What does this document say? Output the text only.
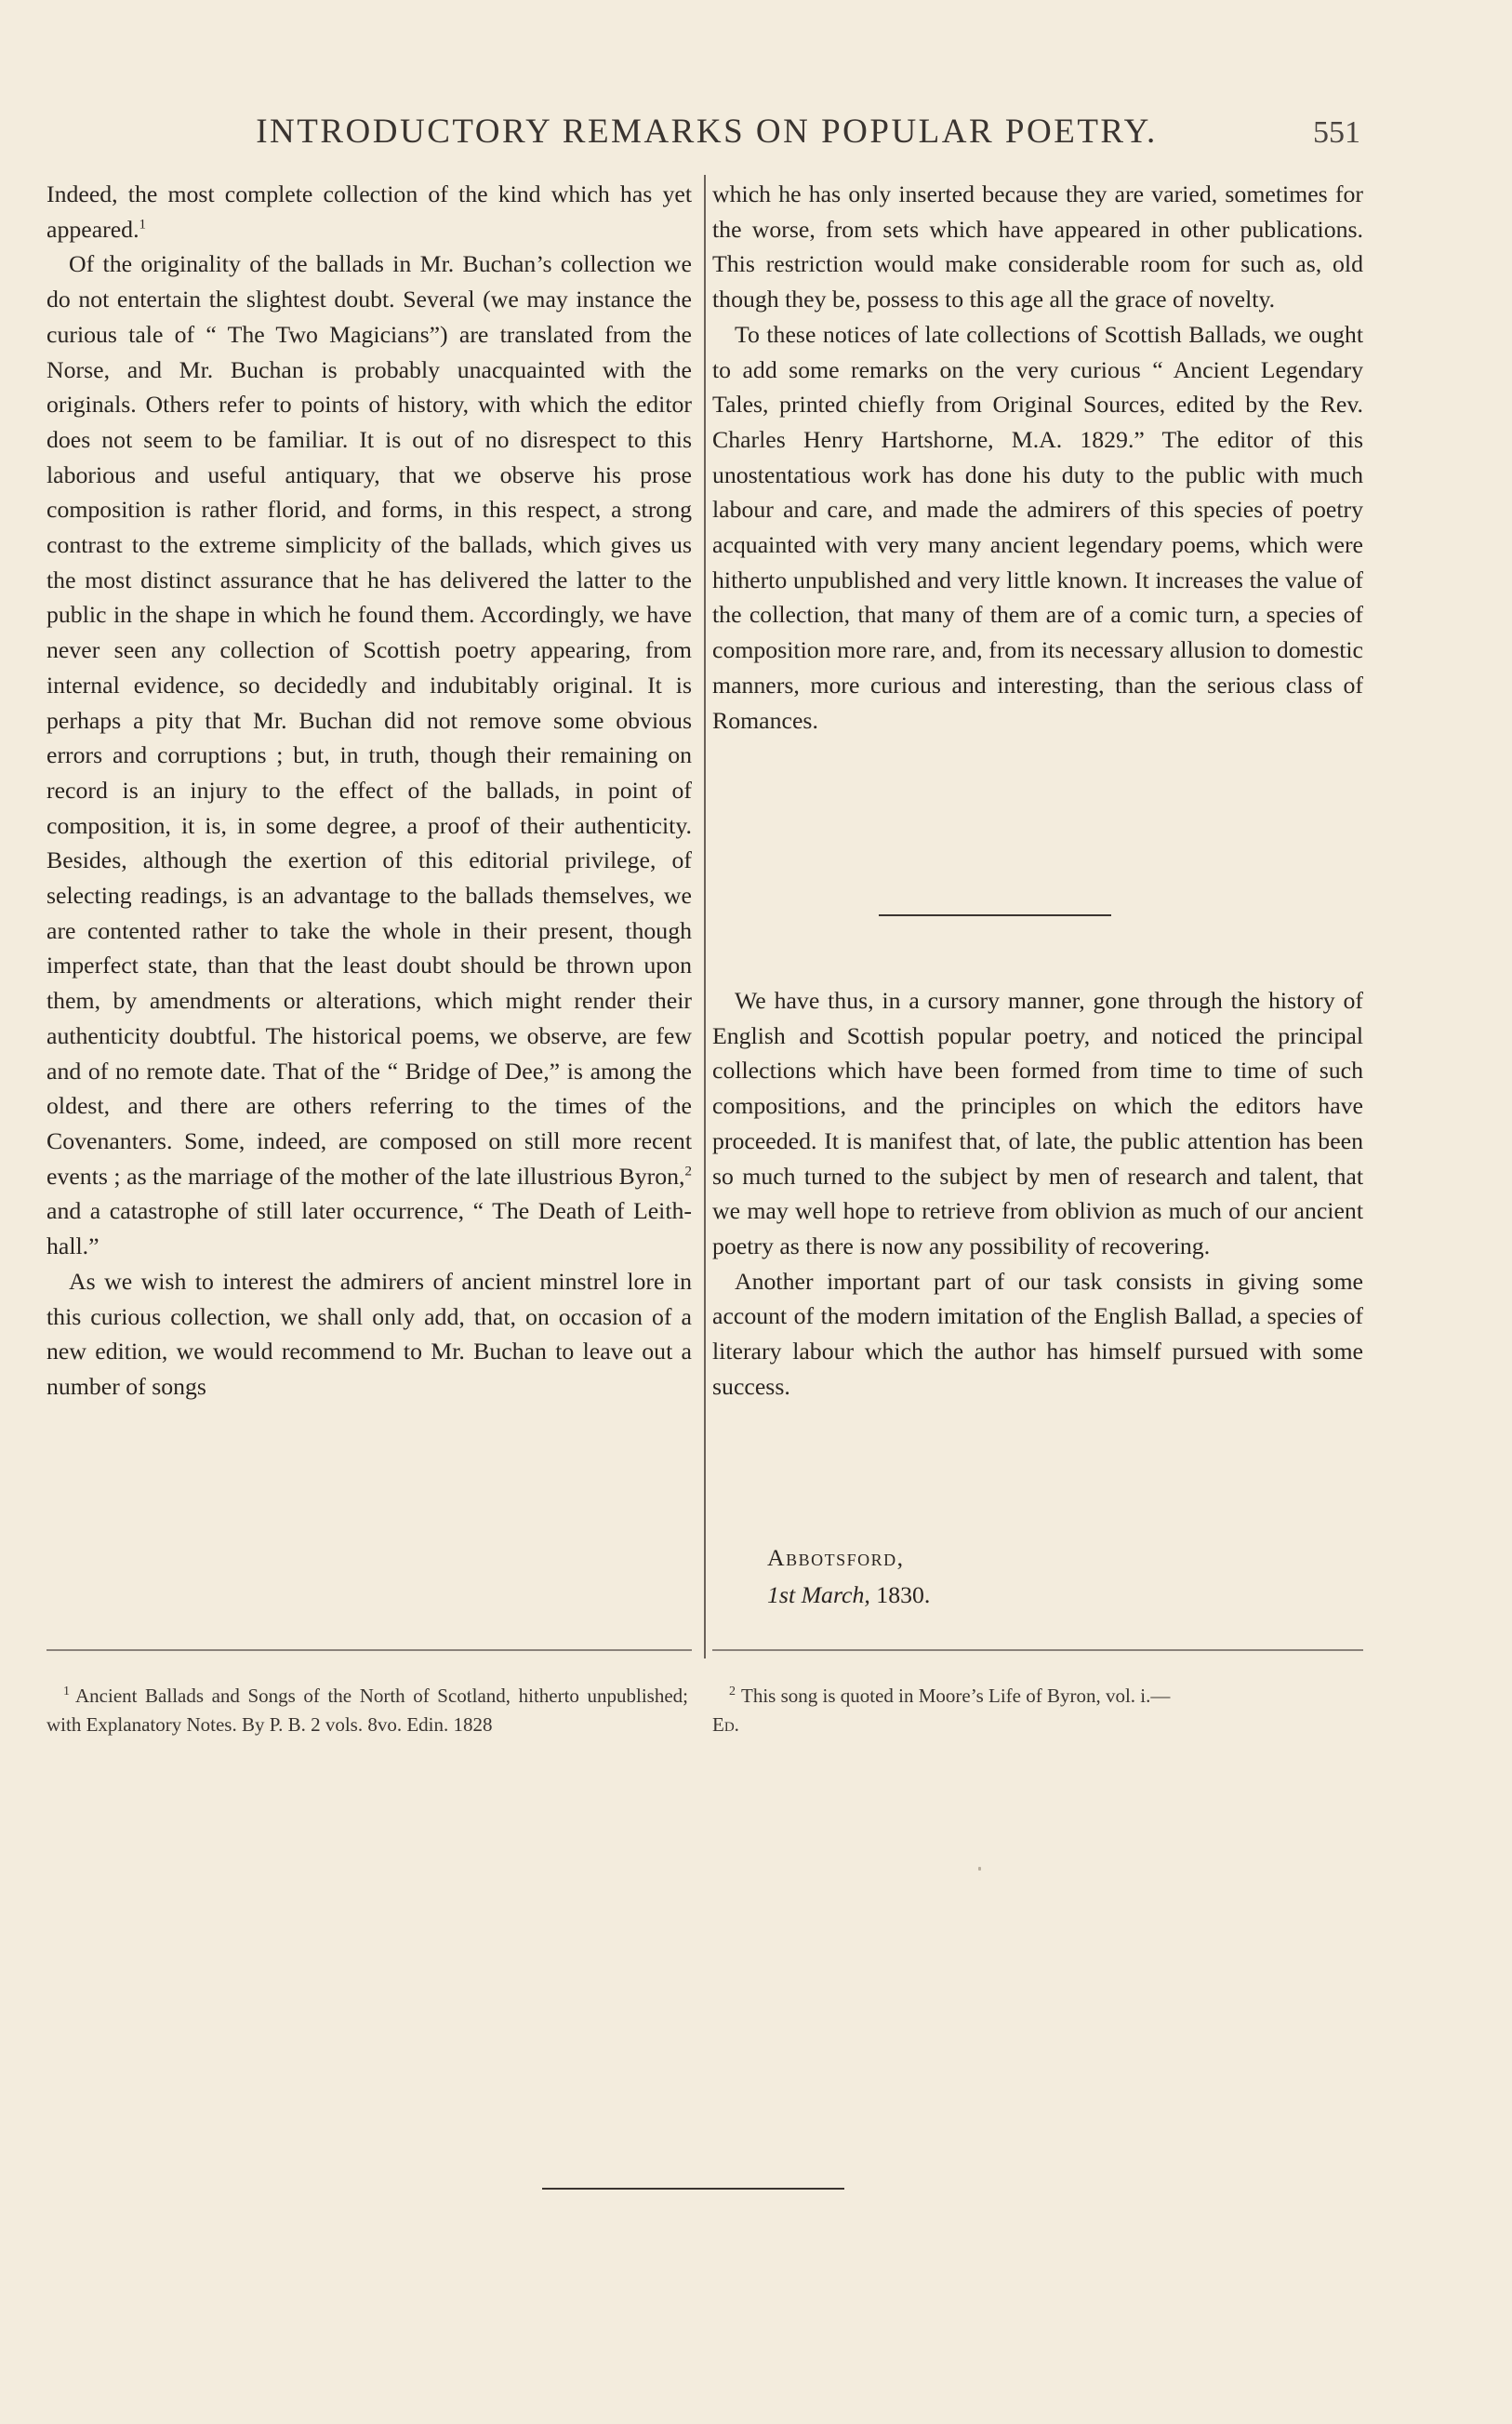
INTRODUCTORY REMARKS ON POPULAR POETRY.	551

Indeed, the most complete collection of the kind which has yet appeared.$^1$

Of the originality of the ballads in Mr. Buchan’s collection we do not entertain the slightest doubt. Several (we may instance the curious tale of “ The Two Magicians”) are translated from the Norse, and Mr. Buchan is probably unacquainted with the originals. Others refer to points of history, with which the editor does not seem to be familiar. It is out of no disrespect to this laborious and useful antiquary, that we observe his prose composition is rather florid, and forms, in this respect, a strong contrast to the extreme simplicity of the ballads, which gives us the most distinct assurance that he has delivered the latter to the public in the shape in which he found them. Accordingly, we have never seen any collection of Scottish poetry appearing, from internal evidence, so decidedly and indubitably original. It is perhaps a pity that Mr. Buchan did not remove some obvious errors and corruptions ; but, in truth, though their remaining on record is an injury to the effect of the ballads, in point of composition, it is, in some degree, a proof of their authenticity. Besides, although the exertion of this editorial privilege, of selecting readings, is an advantage to the ballads themselves, we are contented rather to take the whole in their present, though imperfect state, than that the least doubt should be thrown upon them, by amendments or alterations, which might render their authenticity doubtful. The historical poems, we observe, are few and of no remote date. That of the “ Bridge of Dee,” is among the oldest, and there are others referring to the times of the Covenanters. Some, indeed, are composed on still more recent events ; as the marriage of the mother of the late illustrious Byron,$^2$ and a catastrophe of still later occurrence, “ The Death of Leith-hall.”

As we wish to interest the admirers of ancient minstrel lore in this curious collection, we shall only add, that, on occasion of a new edition, we would recommend to Mr. Buchan to leave out a number of songs

which he has only inserted because they are varied, sometimes for the worse, from sets which have appeared in other publications. This restriction would make considerable room for such as, old though they be, possess to this age all the grace of novelty.

To these notices of late collections of Scottish Ballads, we ought to add some remarks on the very curious “ Ancient Legendary Tales, printed chiefly from Original Sources, edited by the Rev. Charles Henry Hartshorne, M.A. 1829.” The editor of this unostentatious work has done his duty to the public with much labour and care, and made the admirers of this species of poetry acquainted with very many ancient legendary poems, which were hitherto unpublished and very little known. It increases the value of the collection, that many of them are of a comic turn, a species of composition more rare, and, from its necessary allusion to domestic manners, more curious and interesting, than the serious class of Romances.

We have thus, in a cursory manner, gone through the history of English and Scottish popular poetry, and noticed the principal collections which have been formed from time to time of such compositions, and the principles on which the editors have proceeded. It is manifest that, of late, the public attention has been so much turned to the subject by men of research and talent, that we may well hope to retrieve from oblivion as much of our ancient poetry as there is now any possibility of recovering.

Another important part of our task consists in giving some account of the modern imitation of the English Ballad, a species of literary labour which the author has himself pursued with some success.

Abbotsford,
1st March, 1830.
$^1$ Ancient Ballads and Songs of the North of Scotland, hitherto unpublished; with Explanatory Notes. By P. B. 2 vols. 8vo. Edin. 1828
$^2$ This song is quoted in Moore’s Life of Byron, vol. i.—
Ed.
